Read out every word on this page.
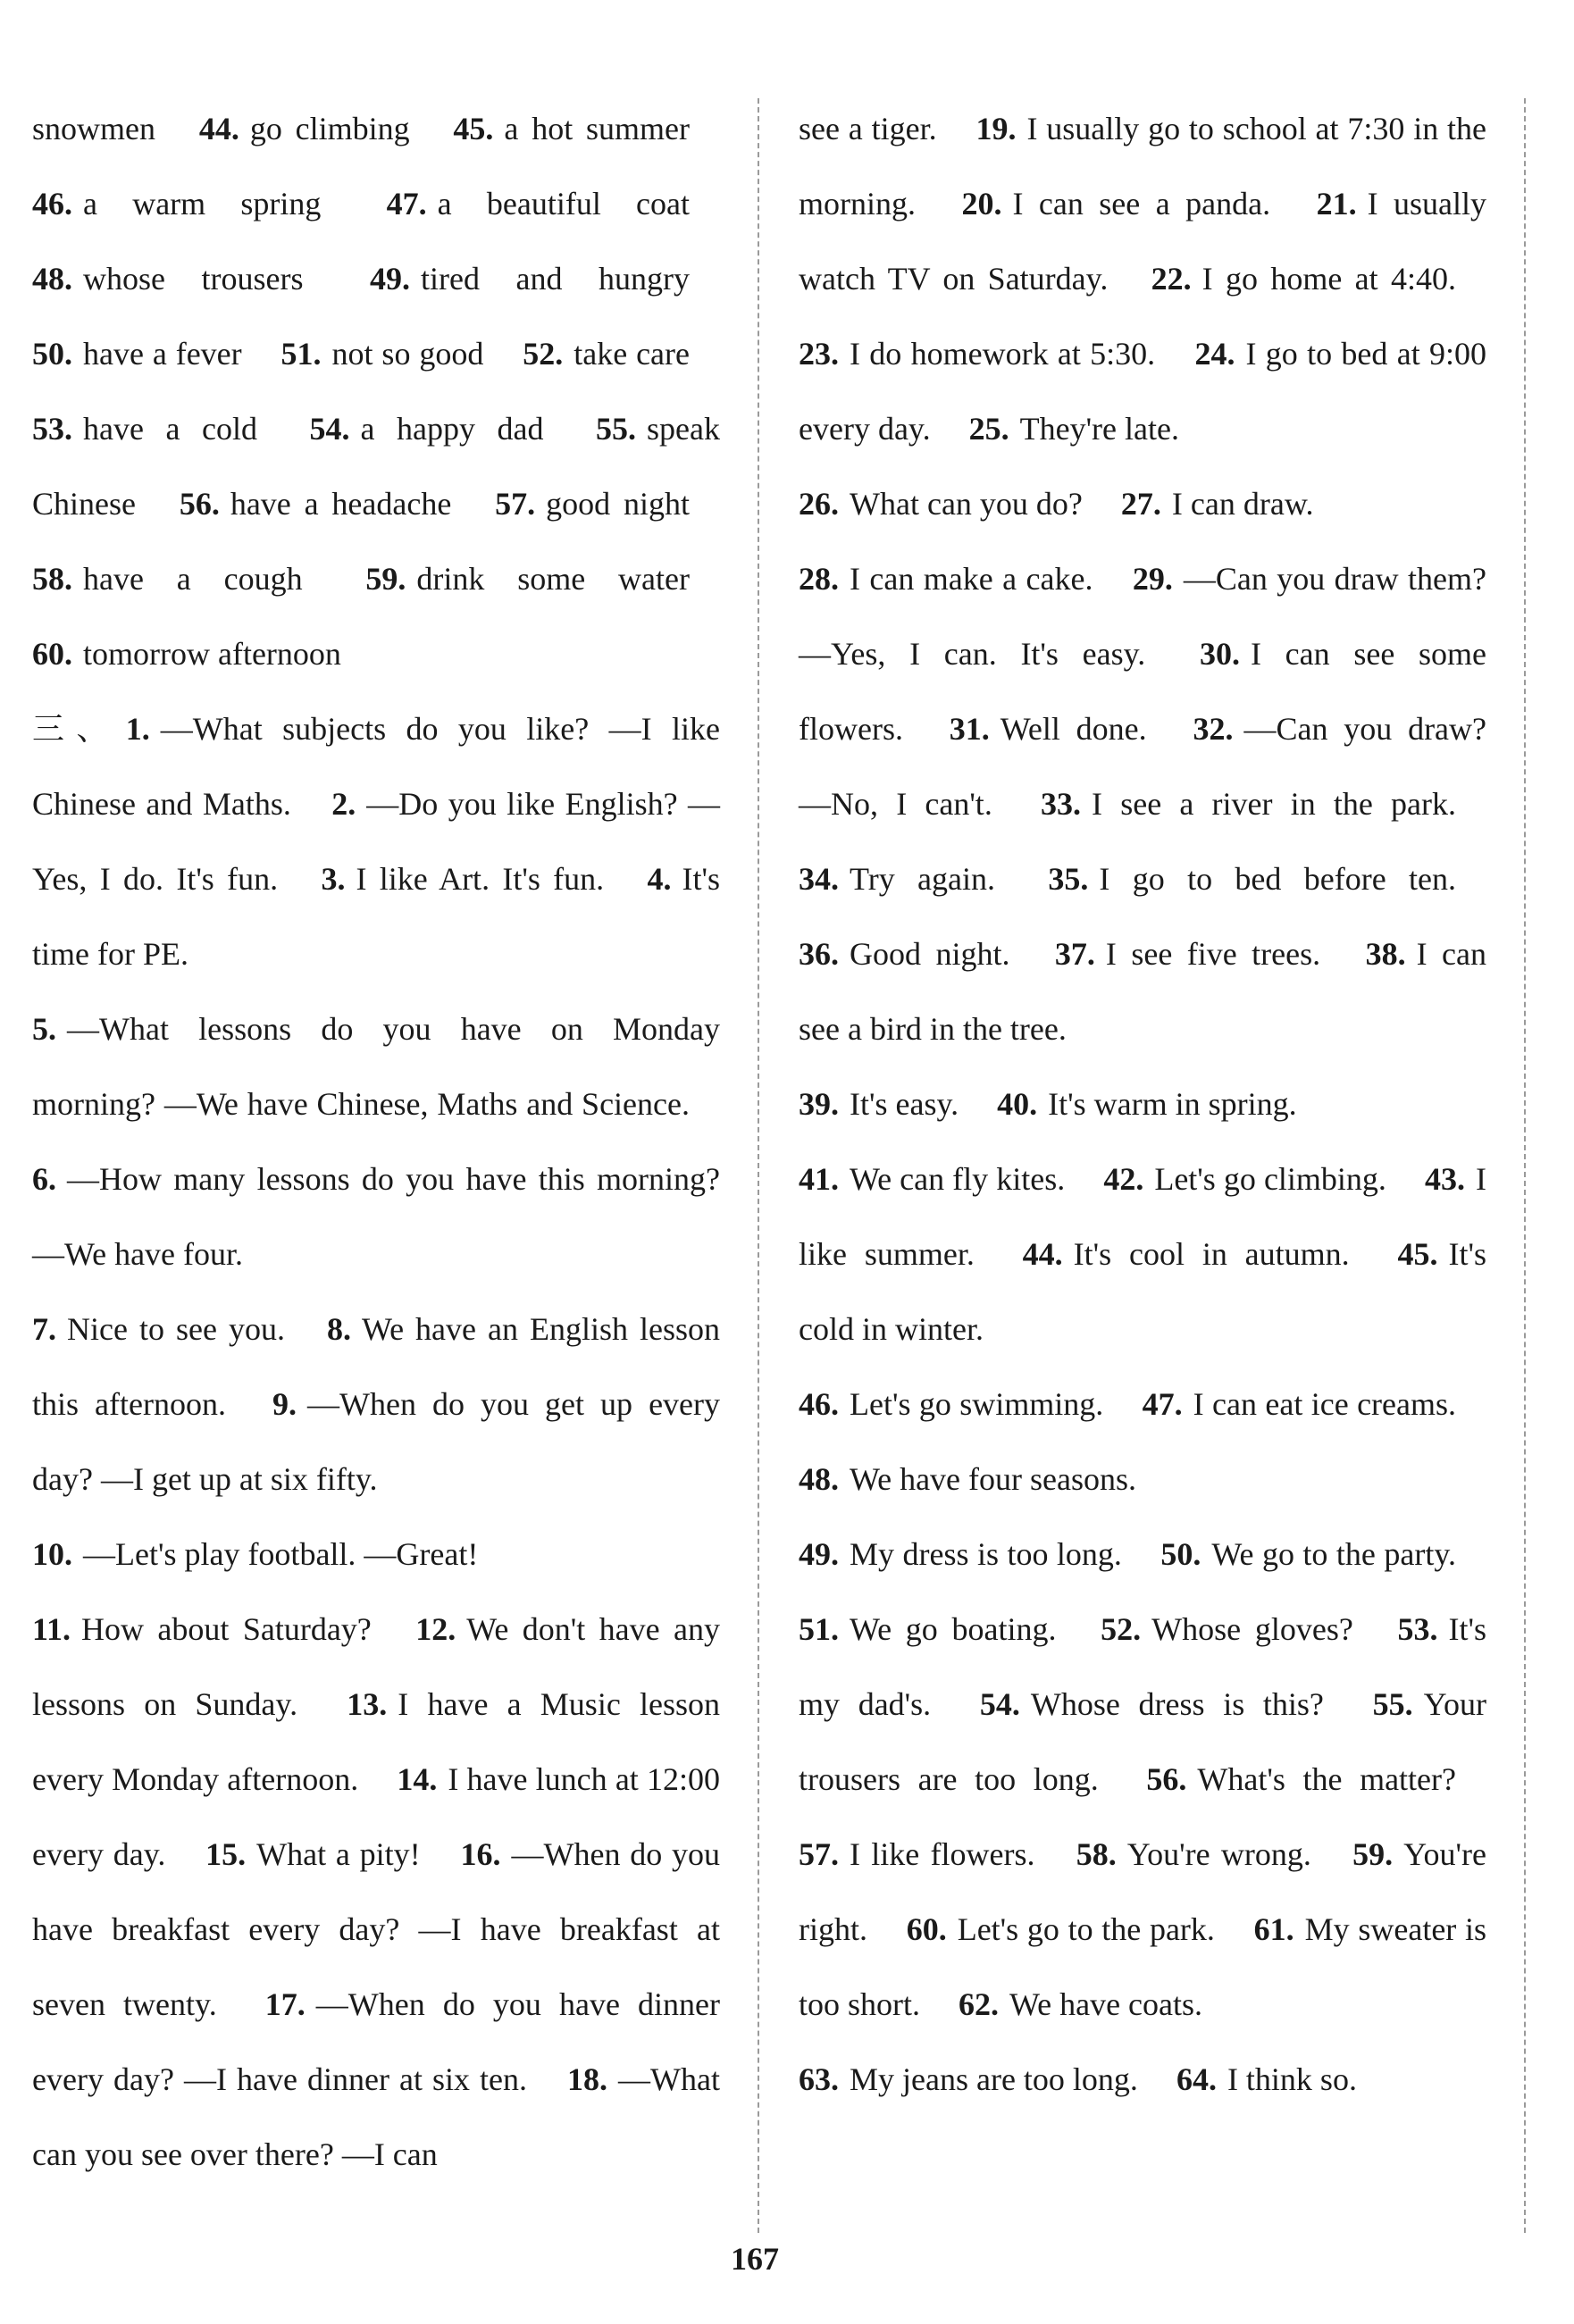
snowmen 44. go climbing 45. a hot summer 46. a warm spring 47. a beautiful coat 48. whose trousers 49. tired and hungry 50. have a fever 51. not so good 52. take care 53. have a cold 54. a happy dad 55. speak Chinese 56. have a headache 57. good night 58. have a cough 59. drink some water 60. tomorrow afternoon三、 1. —What subjects do you like? —I like Chinese and Maths. 2. —Do you like English? —Yes, I do. It's fun. 3. I like Art. It's fun. 4. It's time for PE.5. —What lessons do you have on Monday morning? —We have Chinese, Maths and Science. 6. —How many lessons do you have this morning? —We have four.7. Nice to see you. 8. We have an English lesson this afternoon. 9. —When do you get up every day? —I get up at six fifty.10. —Let's play football. —Great!11. How about Saturday? 12. We don't have any lessons on Sunday. 13. I have a Music lesson every Monday afternoon. 14. I have lunch at 12:00 every day. 15. What a pity! 16. —When do you have breakfast every day? —I have breakfast at seven twenty. 17. —When do you have dinner every day? —I have dinner at six ten. 18. —What can you see over there? —I can
see a tiger. 19. I usually go to school at 7:30 in the morning. 20. I can see a panda. 21. I usually watch TV on Saturday. 22. I go home at 4:40. 23. I do homework at 5:30. 24. I go to bed at 9:00 every day. 25. They're late.26. What can you do? 27. I can draw.28. I can make a cake. 29. —Can you draw them? —Yes, I can. It's easy. 30. I can see some flowers. 31. Well done. 32. —Can you draw? —No, I can't. 33. I see a river in the park. 34. Try again. 35. I go to bed before ten. 36. Good night. 37. I see five trees. 38. I can see a bird in the tree.39. It's easy. 40. It's warm in spring.41. We can fly kites. 42. Let's go climbing. 43. I like summer. 44. It's cool in autumn. 45. It's cold in winter.46. Let's go swimming. 47. I can eat ice creams. 48. We have four seasons.49. My dress is too long. 50. We go to the party. 51. We go boating. 52. Whose gloves? 53. It's my dad's. 54. Whose dress is this? 55. Your trousers are too long. 56. What's the matter? 57. I like flowers. 58. You're wrong. 59. You're right. 60. Let's go to the park. 61. My sweater is too short. 62. We have coats.63. My jeans are too long. 64. I think so.
167
